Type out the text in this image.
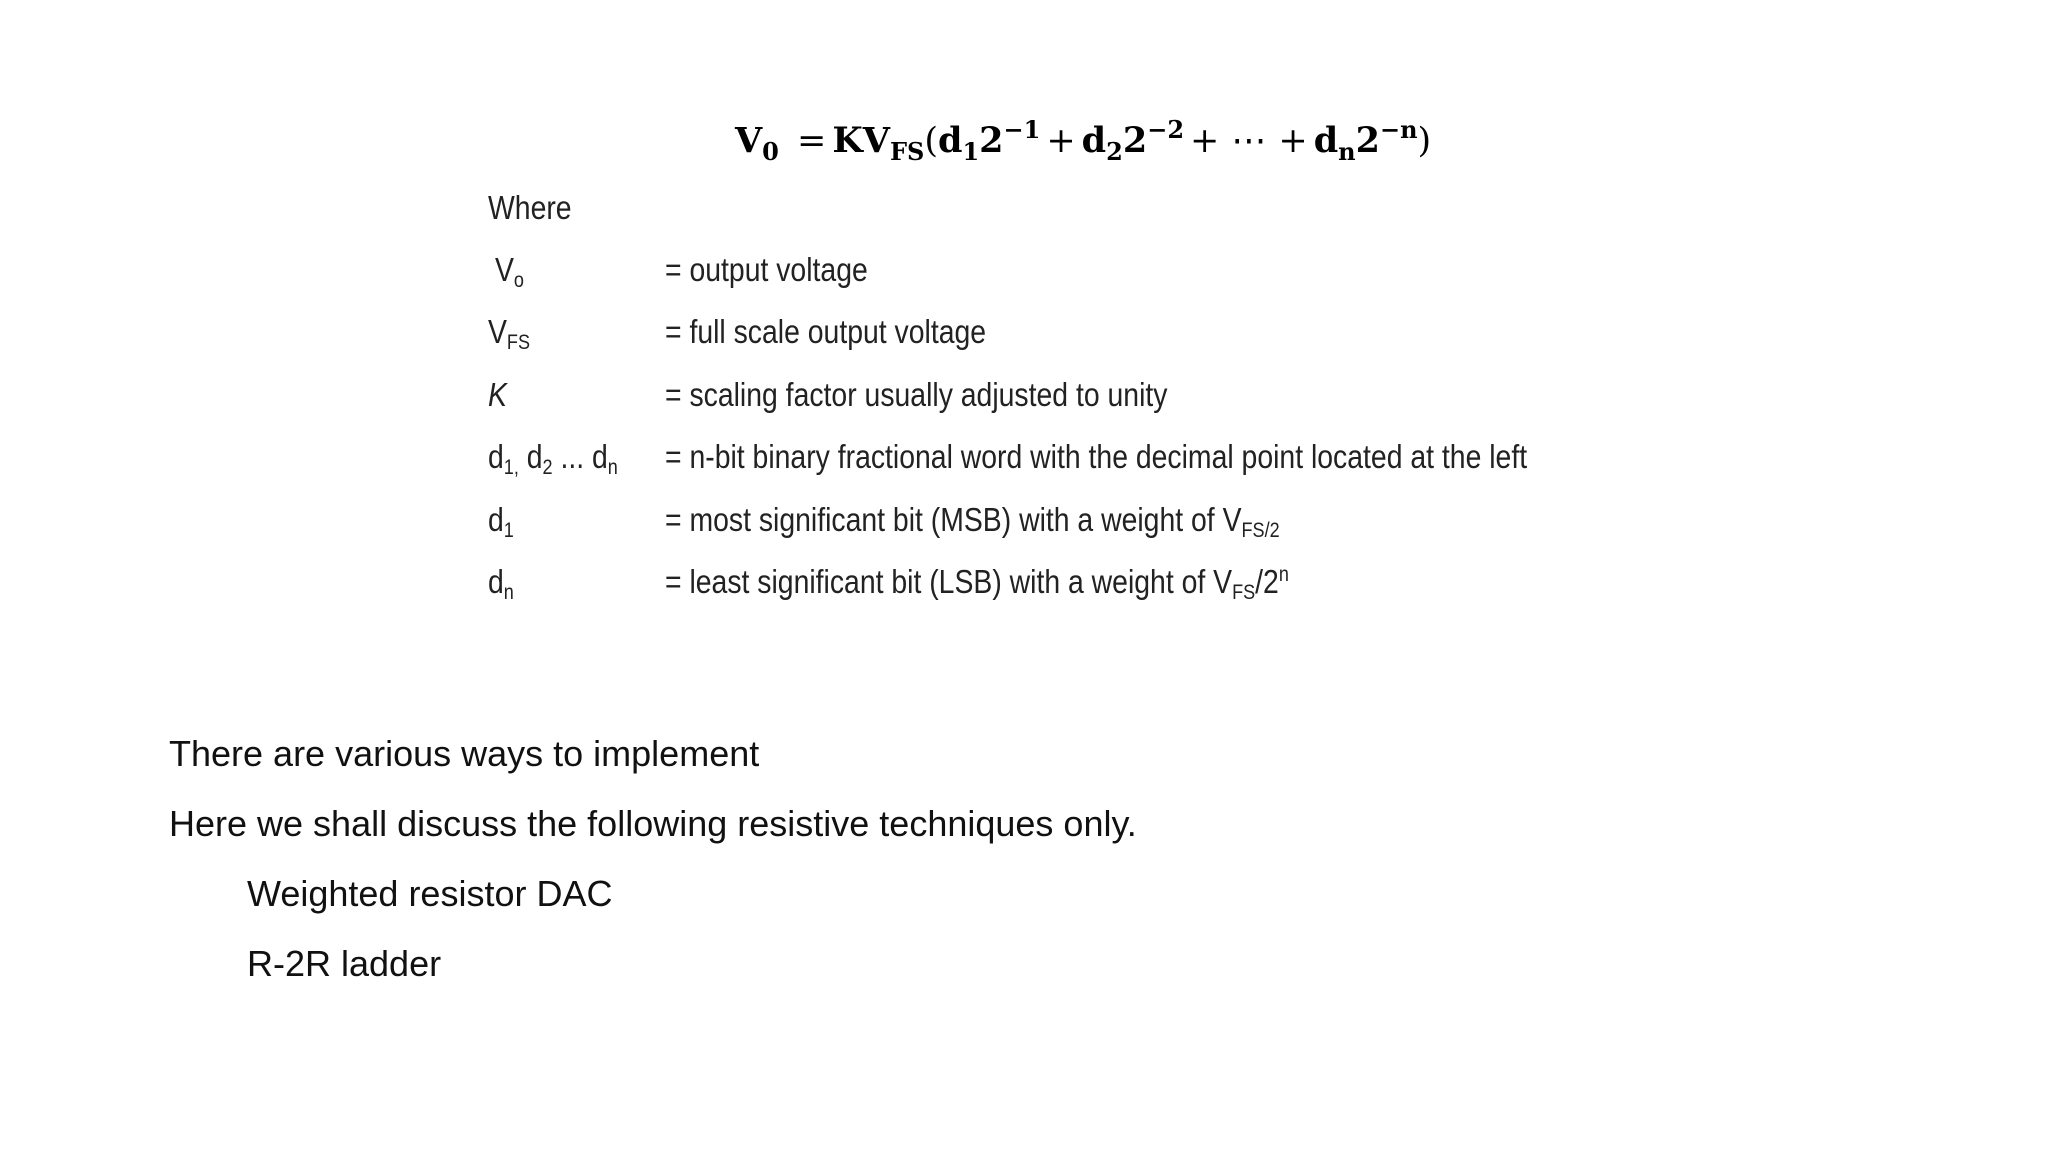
$V_0 = KV_{FS}(d_12^{-1} + d_22^{-2}$ + ⋯ + $d_n2^{-n}$)
Where
$V_o$	= output voltage
$V_{FS}$	= full scale output voltage
K	= scaling factor usually adjusted to unity
$d_{1,}$ $d_2$ ... $d_n = n-bit$ binary fractional word with the decimal point located at the left
$d_1$	= most significant bit (MSB) with a weight of $V_{FS/2}$
$d_n$	= least significant bit (LSB) with a weight of $V_{FS}/2^n$
There are various ways to implement
Here we shall discuss the following resistive techniques only.
Weighted resistor DAC
R-2R ladder
